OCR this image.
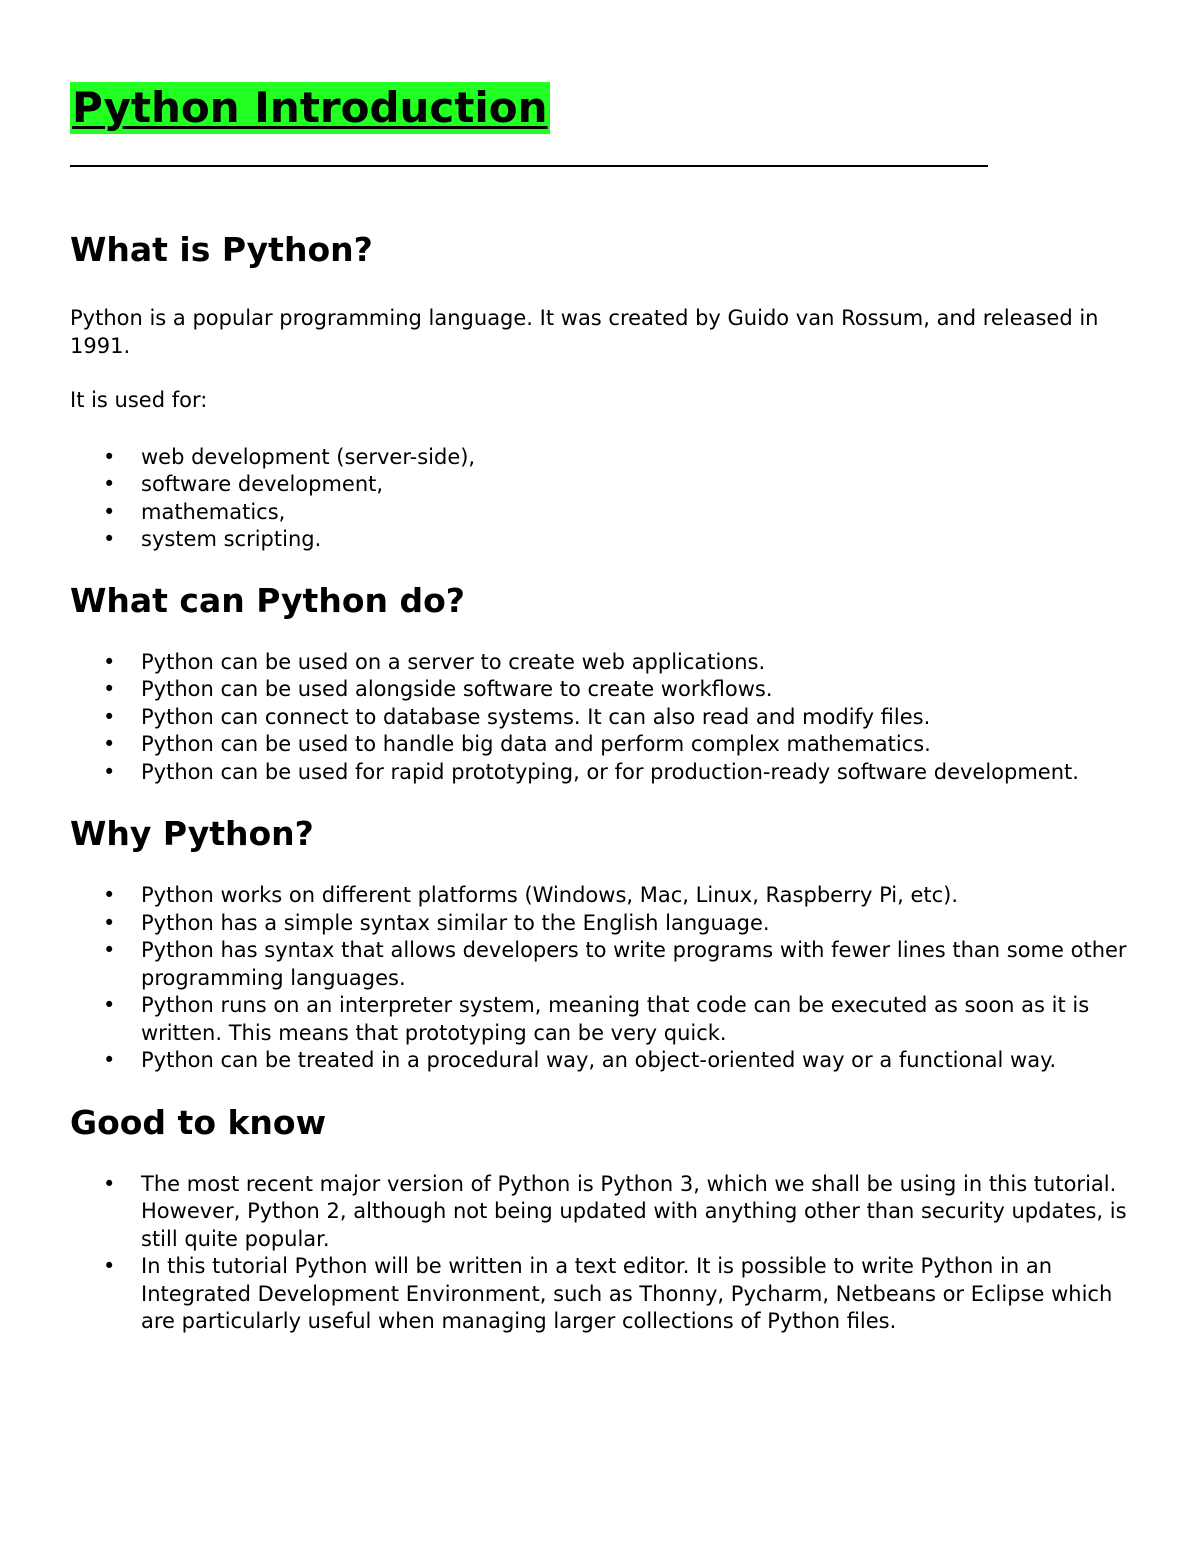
Python Introduction
What is Python?

Python is a popular programming language. It was created by Guido van Rossum, and released in 1991.

It is used for:

• web development (server-side),
• software development,
• mathematics,
• system scripting.
What can Python do?
• Python can be used on a server to create web applications.
• Python can be used alongside software to create workflows.
• Python can connect to database systems. It can also read and modify files.
• Python can be used to handle big data and perform complex mathematics.
• Python can be used for rapid prototyping, or for production-ready software development.
Why Python?
• Python works on different platforms (Windows, Mac, Linux, Raspberry Pi, etc).
• Python has a simple syntax similar to the English language.
• Python has syntax that allows developers to write programs with fewer lines than some other programming languages.
• Python runs on an interpreter system, meaning that code can be executed as soon as it is written. This means that prototyping can be very quick.
• Python can be treated in a procedural way, an object-oriented way or a functional way.
Good to know
• The most recent major version of Python is Python 3, which we shall be using in this tutorial. However, Python 2, although not being updated with anything other than security updates, is still quite popular.
• In this tutorial Python will be written in a text editor. It is possible to write Python in an Integrated Development Environment, such as Thonny, Pycharm, Netbeans or Eclipse which are particularly useful when managing larger collections of Python files.
